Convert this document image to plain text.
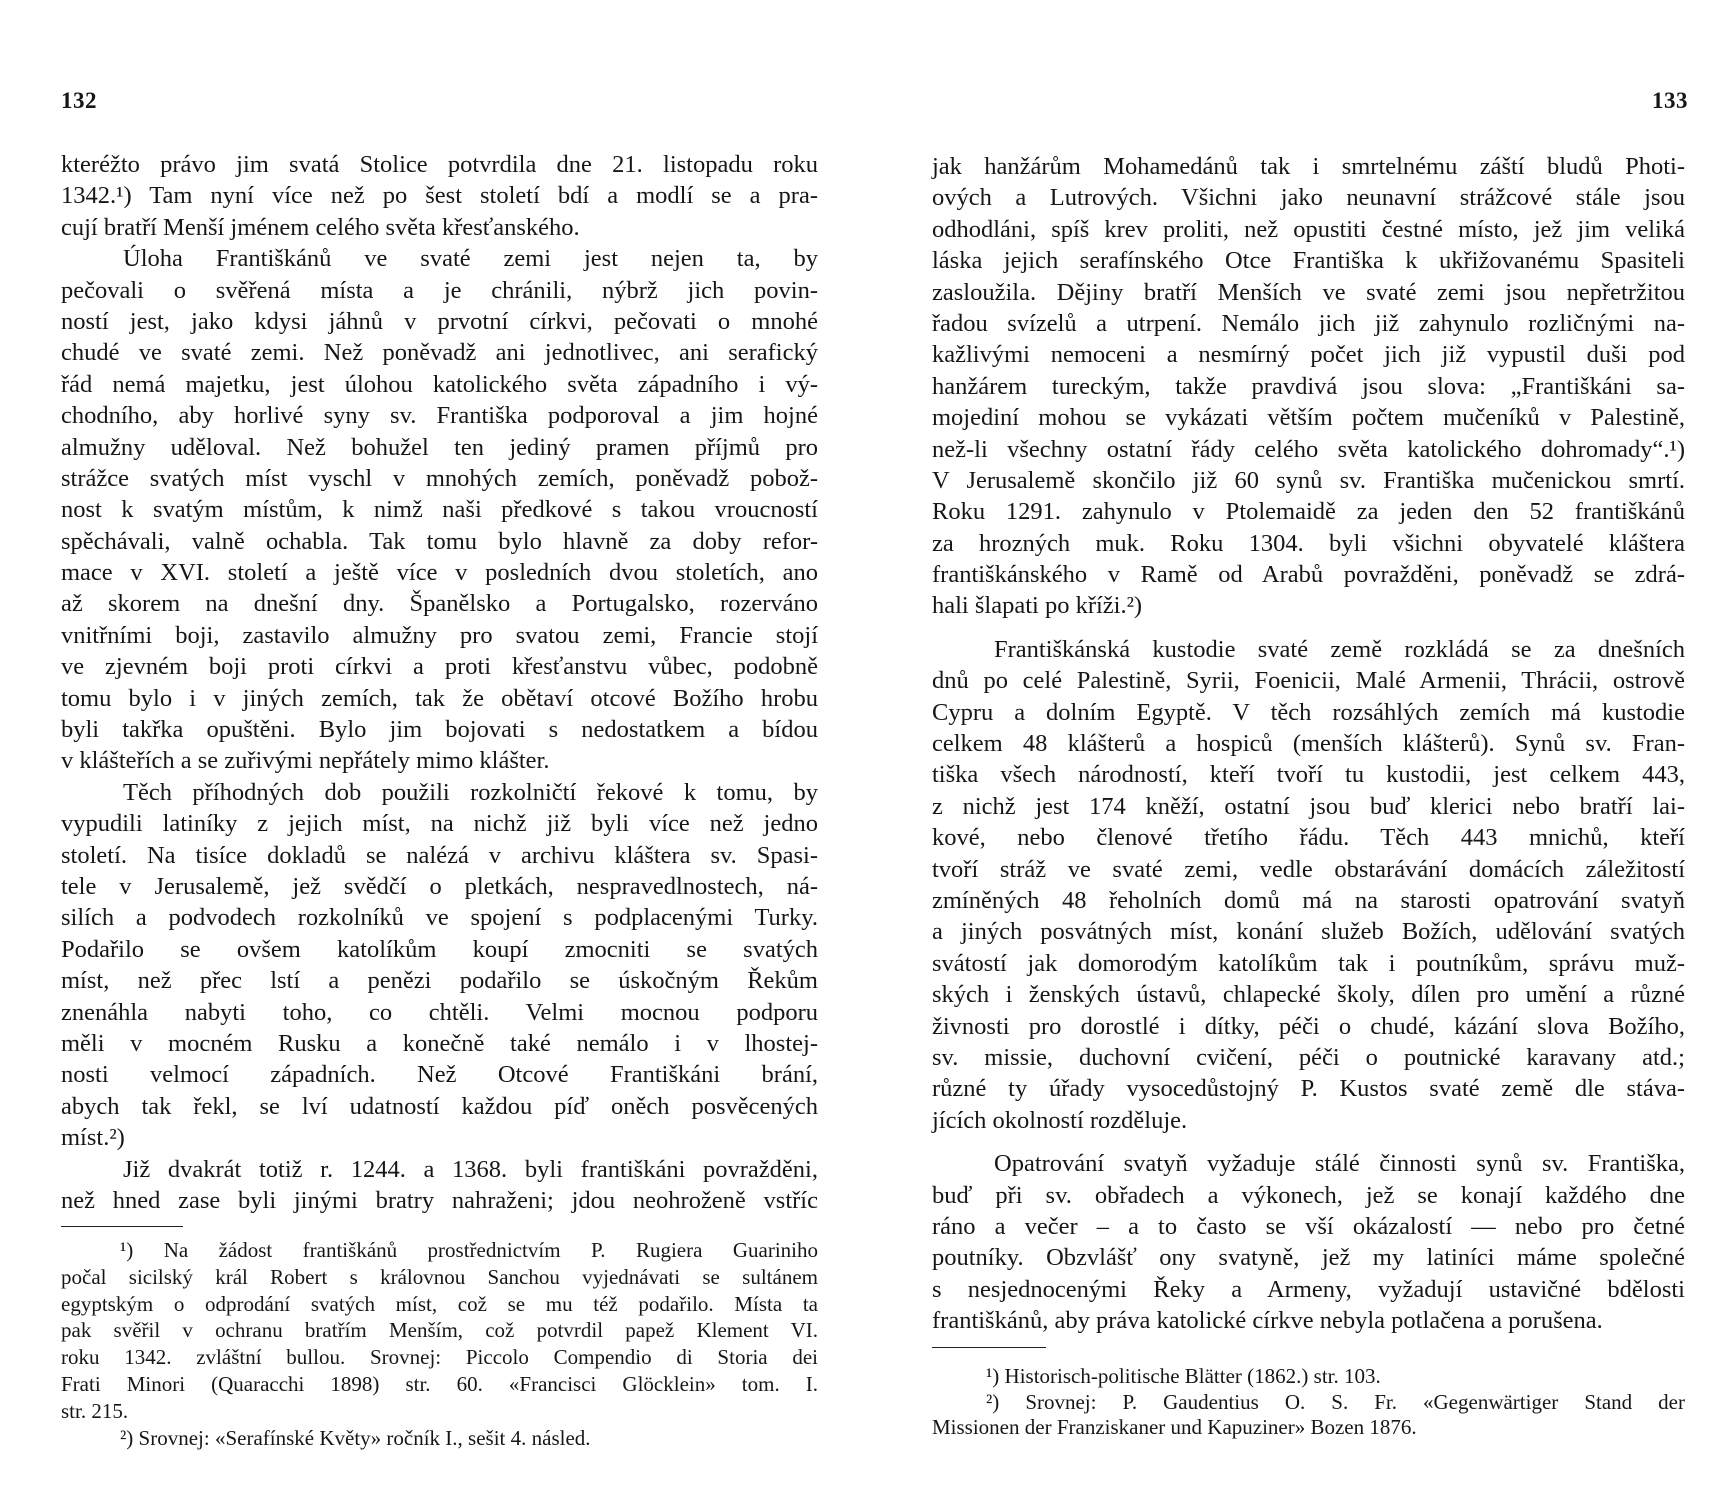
132	133
kteréžto právo jim svatá Stolice potvrdila dne 21. listopadu roku
1342.¹) Tam nyní více než po šest století bdí a modlí se a pra-
cují bratří Menší jménem celého světa křesťanského.
Úloha Františkánů ve svaté zemi jest nejen ta, by
pečovali o svěřená místa a je chránili, nýbrž jich povin-
ností jest, jako kdysi jáhnů v prvotní církvi, pečovati o mnohé
chudé ve svaté zemi. Než poněvadž ani jednotlivec, ani serafický
řád nemá majetku, jest úlohou katolického světa západního i vý-
chodního, aby horlivé syny sv. Františka podporoval a jim hojné
almužny uděloval. Než bohužel ten jediný pramen příjmů pro
strážce svatých míst vyschl v mnohých zemích, poněvadž pobož-
nost k svatým místům, k nimž naši předkové s takou vroucností
spěchávali, valně ochabla. Tak tomu bylo hlavně za doby refor-
mace v XVI. století a ještě více v posledních dvou stoletích, ano
až skorem na dnešní dny. Španělsko a Portugalsko, rozerváno
vnitřními boji, zastavilo almužny pro svatou zemi, Francie stojí
ve zjevném boji proti církvi a proti křesťanstvu vůbec, podobně
tomu bylo i v jiných zemích, tak že obětaví otcové Božího hrobu
byli takřka opuštěni. Bylo jim bojovati s nedostatkem a bídou
v klášteřích a se zuřivými nepřátely mimo klášter.
Těch příhodných dob použili rozkolničtí řekové k tomu, by
vypudili latiníky z jejich míst, na nichž již byli více než jedno
století. Na tisíce dokladů se nalézá v archivu kláštera sv. Spasi-
tele v Jerusalemě, jež svědčí o pletkách, nespravedlnostech, ná-
silích a podvodech rozkolníků ve spojení s podplacenými Turky.
Podařilo se ovšem katolíkům koupí zmocniti se svatých
míst, než přec lstí a penězi podařilo se úskočným Řekům
znenáhla nabyti toho, co chtěli. Velmi mocnou podporu
měli v mocném Rusku a konečně také nemálo i v lhostej-
nosti velmocí západních. Než Otcové Františkáni brání,
abych tak řekl, se lví udatností každou píď oněch posvěcených
míst.²)
Již dvakrát totiž r. 1244. a 1368. byli františkáni povražděni,
než hned zase byli jinými bratry nahraženi; jdou neohroženě vstříc
¹) Na žádost františkánů prostřednictvím P. Rugiera Guariniho
počal sicilský král Robert s královnou Sanchou vyjednávati se sultánem
egyptským o odprodání svatých míst, což se mu též podařilo. Místa ta
pak svěřil v ochranu bratřím Menším, což potvrdil papež Klement VI.
roku 1342. zvláštní bullou. Srovnej: Piccolo Compendio di Storia dei
Frati Minori (Quaracchi 1898) str. 60. «Francisci Glöcklein» tom. I.
str. 215.
²) Srovnej: «Serafínské Květy» ročník I., sešit 4. násled.
jak hanžárům Mohamedánů tak i smrtelnému záští bludů Photi-
ových a Lutrových. Všichni jako neunavní strážcové stále jsou
odhodláni, spíš krev proliti, než opustiti čestné místo, jež jim veliká
láska jejich serafínského Otce Františka k ukřižovanému Spasiteli
zasloužila. Dějiny bratří Menších ve svaté zemi jsou nepřetržitou
řadou svízelů a utrpení. Nemálo jich již zahynulo rozličnými na-
kažlivými nemoceni a nesmírný počet jich již vypustil duši pod
hanžárem tureckým, takže pravdivá jsou slova: „Františkáni sa-
mojediní mohou se vykázati větším počtem mučeníků v Palestině,
než-li všechny ostatní řády celého světa katolického dohromady“.¹)
V Jerusalemě skončilo již 60 synů sv. Františka mučenickou smrtí.
Roku 1291. zahynulo v Ptolemaidě za jeden den 52 františkánů
za hrozných muk. Roku 1304. byli všichni obyvatelé kláštera
františkánského v Ramě od Arabů povražděni, poněvadž se zdrá-
hali šlapati po kříži.²)
Františkánská kustodie svaté země rozkládá se za dnešních
dnů po celé Palestině, Syrii, Foenicii, Malé Armenii, Thrácii, ostrově
Cypru a dolním Egyptě. V těch rozsáhlých zemích má kustodie
celkem 48 klášterů a hospiců (menších klášterů). Synů sv. Fran-
tiška všech národností, kteří tvoří tu kustodii, jest celkem 443,
z nichž jest 174 kněží, ostatní jsou buď klerici nebo bratří lai-
kové, nebo členové třetího řádu. Těch 443 mnichů, kteří
tvoří stráž ve svaté zemi, vedle obstarávání domácích záležitostí
zmíněných 48 řeholních domů má na starosti opatrování svatyň
a jiných posvátných míst, konání služeb Božích, udělování svatých
svátostí jak domorodým katolíkům tak i poutníkům, správu muž-
ských i ženských ústavů, chlapecké školy, dílen pro umění a různé
živnosti pro dorostlé i dítky, péči o chudé, kázání slova Božího,
sv. missie, duchovní cvičení, péči o poutnické karavany atd.;
různé ty úřady vysocedůstojný P. Kustos svaté země dle stáva-
jících okolností rozděluje.
Opatrování svatyň vyžaduje stálé činnosti synů sv. Františka,
buď při sv. obřadech a výkonech, jež se konají každého dne
ráno a večer – a to často se vší okázalostí — nebo pro četné
poutníky. Obzvlášť ony svatyně, jež my latiníci máme společné
s nesjednocenými Řeky a Armeny, vyžadují ustavičné bdělosti
františkánů, aby práva katolické církve nebyla potlačena a porušena.
¹) Historisch-politische Blätter (1862.) str. 103.
²) Srovnej: P. Gaudentius O. S. Fr. «Gegenwärtiger Stand der
Missionen der Franziskaner und Kapuziner» Bozen 1876.
